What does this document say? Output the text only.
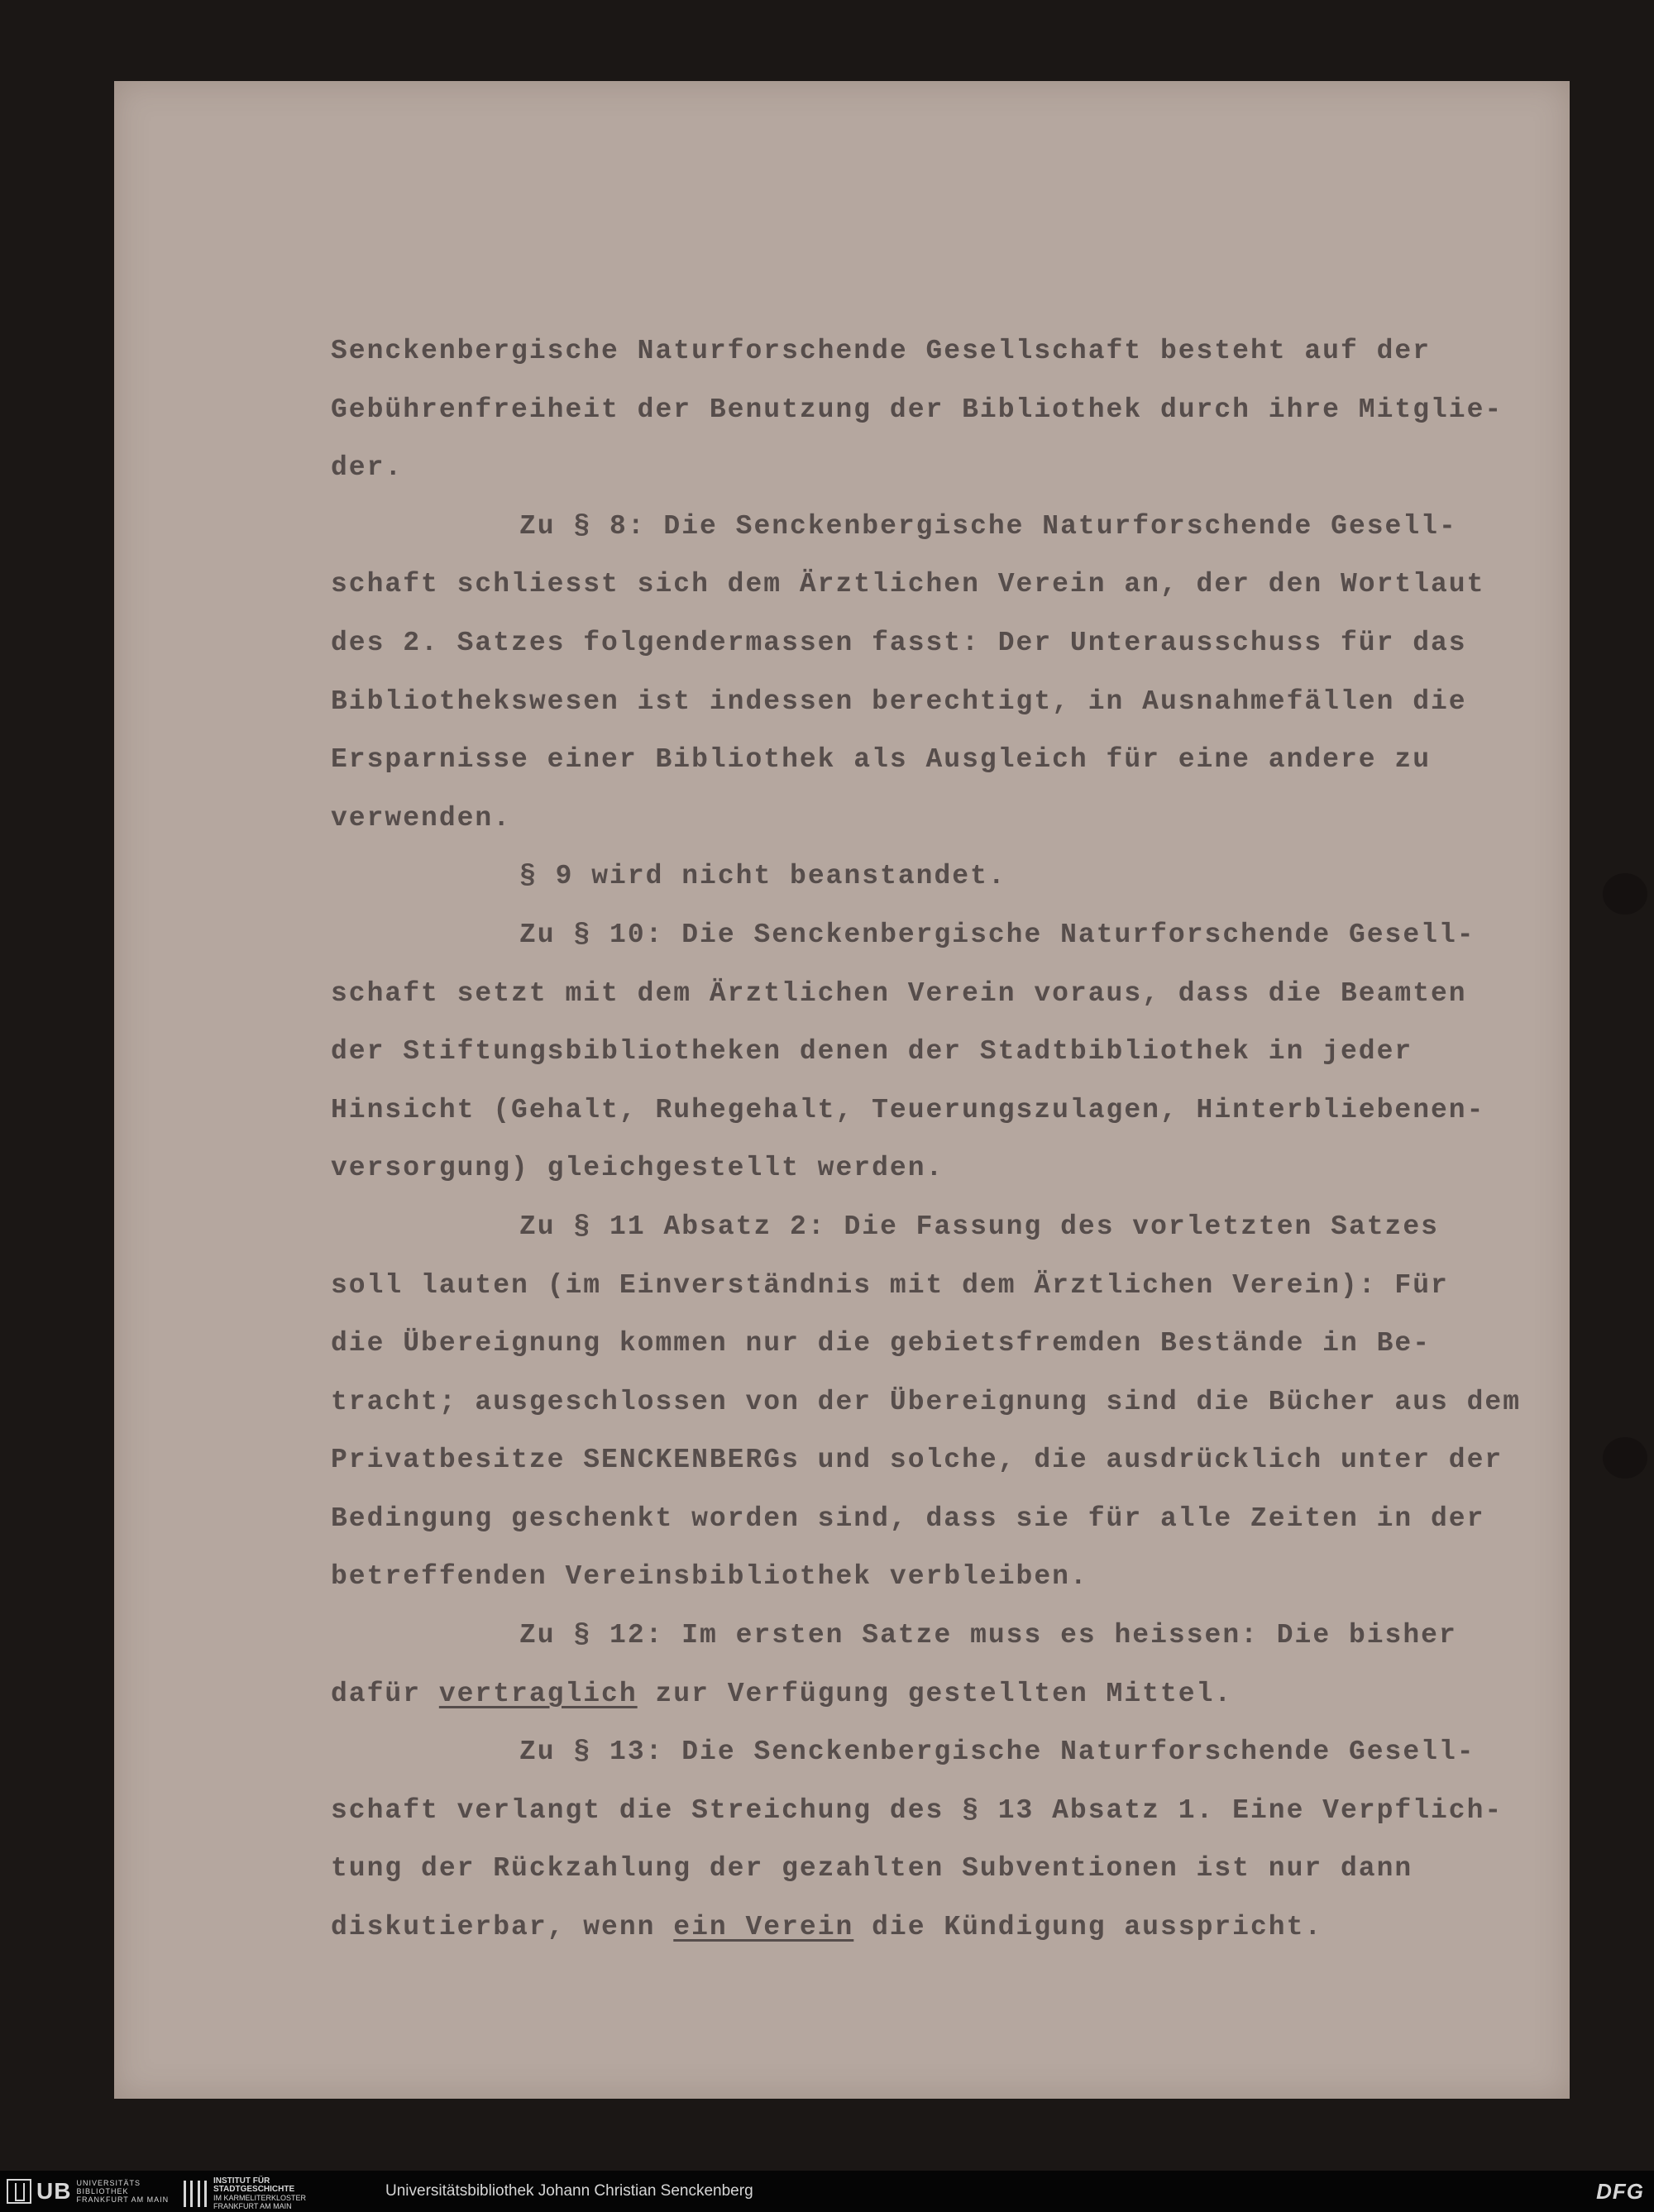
Senckenbergische Naturforschende Gesellschaft besteht auf der
Gebührenfreiheit der Benutzung der Bibliothek durch ihre Mitglie-
der.
Zu § 8: Die Senckenbergische Naturforschende Gesell-
schaft schliesst sich dem Ärztlichen Verein an, der den Wortlaut
des 2. Satzes folgendermassen fasst: Der Unterausschuss für das
Bibliothekswesen ist indessen berechtigt, in Ausnahmefällen die
Ersparnisse einer Bibliothek als Ausgleich für eine andere zu
verwenden.
§ 9 wird nicht beanstandet.
Zu § 10: Die Senckenbergische Naturforschende Gesell-
schaft setzt mit dem Ärztlichen Verein voraus, dass die Beamten
der Stiftungsbibliotheken denen der Stadtbibliothek in jeder
Hinsicht (Gehalt, Ruhegehalt, Teuerungszulagen, Hinterbliebenen-
versorgung) gleichgestellt werden.
Zu § 11 Absatz 2: Die Fassung des vorletzten Satzes
soll lauten (im Einverständnis mit dem Ärztlichen Verein): Für
die Übereignung kommen nur die gebietsfremden Bestände in Be-
tracht; ausgeschlossen von der Übereignung sind die Bücher aus dem
Privatbesitze SENCKENBERGs und solche, die ausdrücklich unter der
Bedingung geschenkt worden sind, dass sie für alle Zeiten in der
betreffenden Vereinsbibliothek verbleiben.
Zu § 12: Im ersten Satze muss es heissen: Die bisher
dafür vertraglich zur Verfügung gestellten Mittel.
Zu § 13: Die Senckenbergische Naturforschende Gesell-
schaft verlangt die Streichung des § 13 Absatz 1. Eine Verpflich-
tung der Rückzahlung der gezahlten Subventionen ist nur dann
diskutierbar, wenn ein Verein die Kündigung ausspricht.
UB UNIVERSITÄTS
BIBLIOTHEK
FRANKFURT AM MAIN
INSTITUT FÜR
STADTGESCHICHTE
IM KARMELITERKLOSTER
FRANKFURT AM MAIN
Universitätsbibliothek Johann Christian Senckenberg	DFG
